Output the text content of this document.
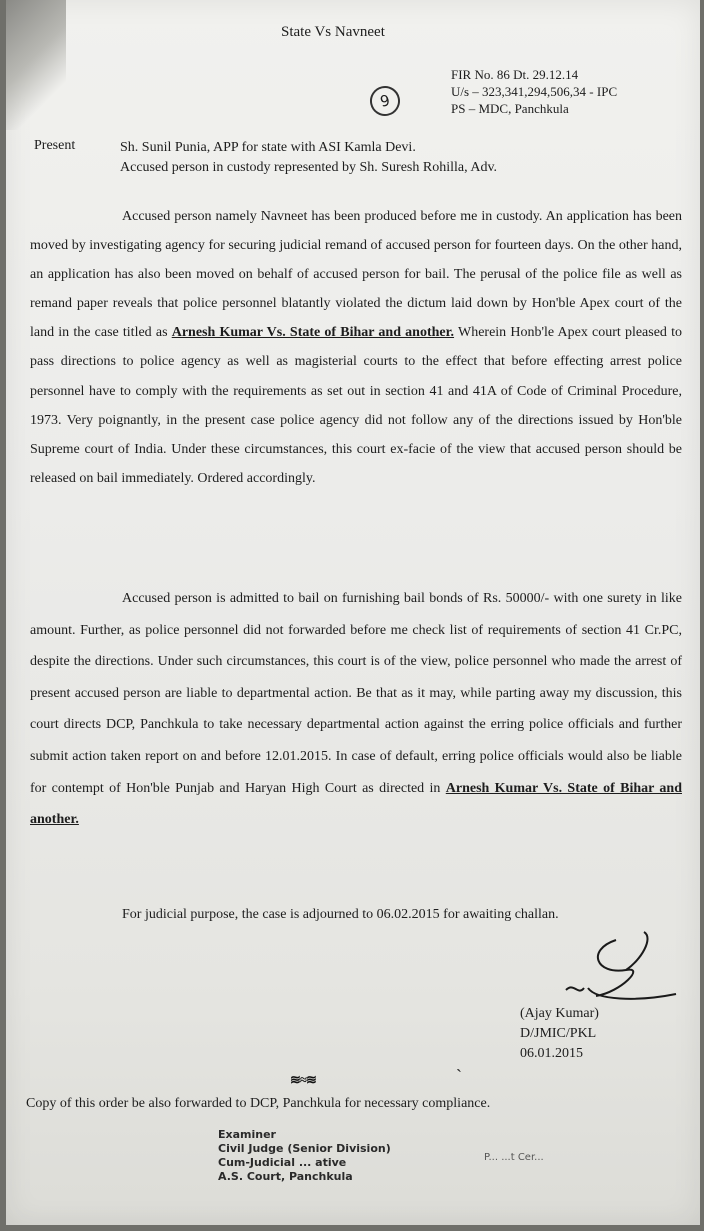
State Vs Navneet
9
FIR No. 86 Dt. 29.12.14
U/s – 323,341,294,506,34 - IPC
PS – MDC, Panchkula
Present	Sh. Sunil Punia, APP for state with ASI Kamla Devi.
Accused person in custody represented by Sh. Suresh Rohilla, Adv.
Accused person namely Navneet has been produced before me in custody. An application has been moved by investigating agency for securing judicial remand of accused person for fourteen days. On the other hand, an application has also been moved on behalf of accused person for bail. The perusal of the police file as well as remand paper reveals that police personnel blatantly violated the dictum laid down by Hon'ble Apex court of the land in the case titled as Arnesh Kumar Vs. State of Bihar and another. Wherein Honb'le Apex court pleased to pass directions to police agency as well as magisterial courts to the effect that before effecting arrest police personnel have to comply with the requirements as set out in section 41 and 41A of Code of Criminal Procedure, 1973. Very poignantly, in the present case police agency did not follow any of the directions issued by Hon'ble Supreme court of India. Under these circumstances, this court ex-facie of the view that accused person should be released on bail immediately. Ordered accordingly.
Accused person is admitted to bail on furnishing bail bonds of Rs. 50000/- with one surety in like amount. Further, as police personnel did not forwarded before me check list of requirements of section 41 Cr.PC, despite the directions. Under such circumstances, this court is of the view, police personnel who made the arrest of present accused person are liable to departmental action. Be that as it may, while parting away my discussion, this court directs DCP, Panchkula to take necessary departmental action against the erring police officials and further submit action taken report on and before 12.01.2015. In case of default, erring police officials would also be liable for contempt of Hon'ble Punjab and Haryan High Court as directed in Arnesh Kumar Vs. State of Bihar and another.
For judicial purpose, the case is adjourned to 06.02.2015 for awaiting challan.
(Ajay Kumar)
D/JMIC/PKL
06.01.2015
ˎ
≋≈≋
Copy of this order be also forwarded to DCP, Panchkula for necessary compliance.
Examiner
Civil Judge (Senior Division)
Cum-Judicial ... ative
A.S. Court, Panchkula
P... ...t Cer...
